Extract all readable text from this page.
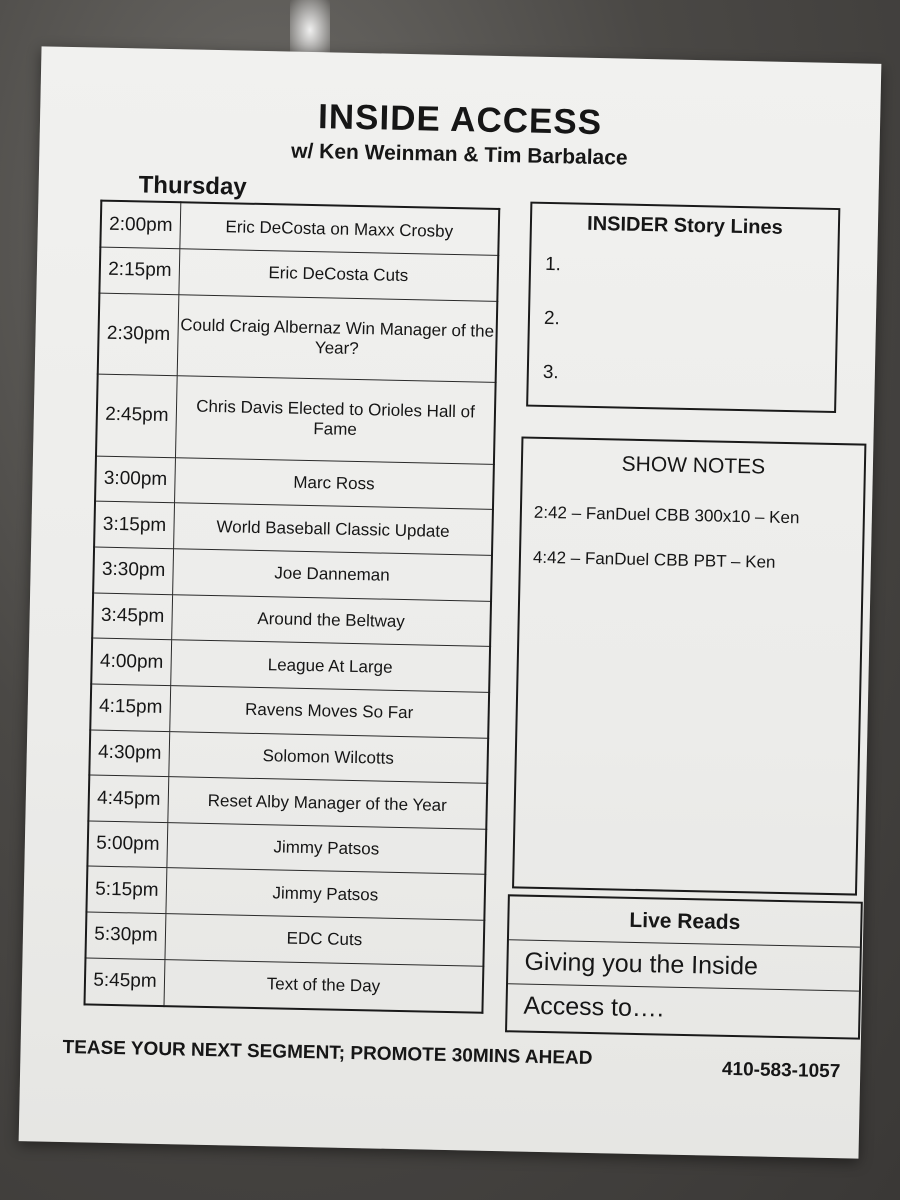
INSIDE ACCESS
w/ Ken Weinman & Tim Barbalace
Thursday
2:00pm	Eric DeCosta on Maxx Crosby
2:15pm	Eric DeCosta Cuts
2:30pm	Could Craig Albernaz Win Manager of the Year?
2:45pm	Chris Davis Elected to Orioles Hall of Fame
3:00pm	Marc Ross
3:15pm	World Baseball Classic Update
3:30pm	Joe Danneman
3:45pm	Around the Beltway
4:00pm	League At Large
4:15pm	Ravens Moves So Far
4:30pm	Solomon Wilcotts
4:45pm	Reset Alby Manager of the Year
5:00pm	Jimmy Patsos
5:15pm	Jimmy Patsos
5:30pm	EDC Cuts
5:45pm	Text of the Day
INSIDER Story Lines
1.
2.
3.
SHOW NOTES
2:42 – FanDuel CBB 300x10 – Ken
4:42 – FanDuel CBB PBT – Ken
Live Reads
Giving you the Inside
Access to….
TEASE YOUR NEXT SEGMENT; PROMOTE 30MINS AHEAD
410-583-1057
